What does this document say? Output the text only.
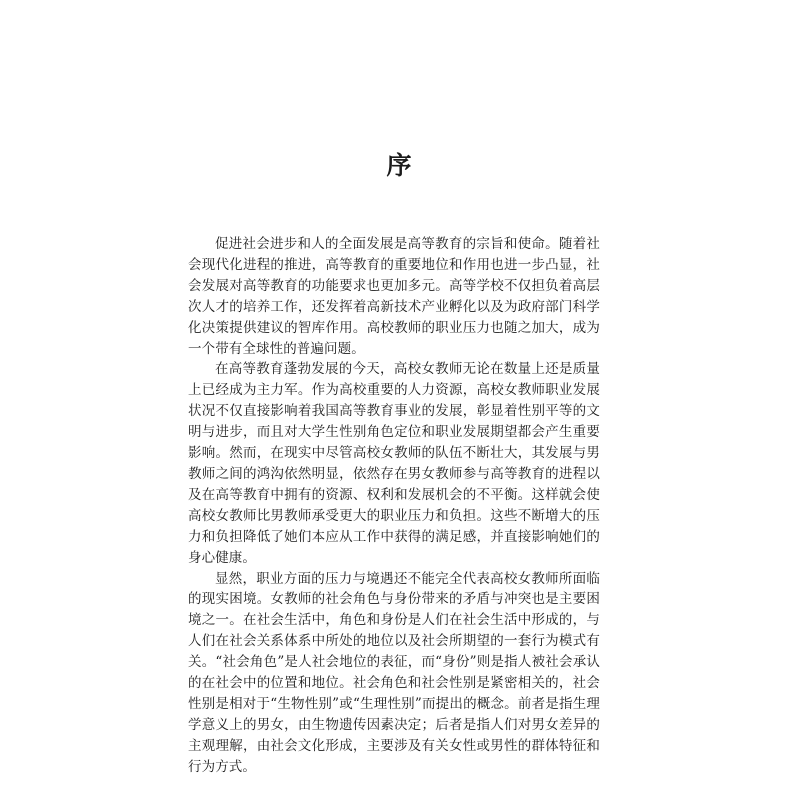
序

促进社会进步和人的全面发展是高等教育的宗旨和使命。随着社会现代化进程的推进，高等教育的重要地位和作用也进一步凸显，社会发展对高等教育的功能要求也更加多元。高等学校不仅担负着高层次人才的培养工作，还发挥着高新技术产业孵化以及为政府部门科学化决策提供建议的智库作用。高校教师的职业压力也随之加大，成为一个带有全球性的普遍问题。

在高等教育蓬勃发展的今天，高校女教师无论在数量上还是质量上已经成为主力军。作为高校重要的人力资源，高校女教师职业发展状况不仅直接影响着我国高等教育事业的发展，彰显着性别平等的文明与进步，而且对大学生性别角色定位和职业发展期望都会产生重要影响。然而，在现实中尽管高校女教师的队伍不断壮大，其发展与男教师之间的鸿沟依然明显，依然存在男女教师参与高等教育的进程以及在高等教育中拥有的资源、权利和发展机会的不平衡。这样就会使高校女教师比男教师承受更大的职业压力和负担。这些不断增大的压力和负担降低了她们本应从工作中获得的满足感，并直接影响她们的身心健康。

显然，职业方面的压力与境遇还不能完全代表高校女教师所面临的现实困境。女教师的社会角色与身份带来的矛盾与冲突也是主要困境之一。在社会生活中，角色和身份是人们在社会生活中形成的，与人们在社会关系体系中所处的地位以及社会所期望的一套行为模式有关。“社会角色”是人社会地位的表征，而“身份”则是指人被社会承认的在社会中的位置和地位。社会角色和社会性别是紧密相关的，社会性别是相对于“生物性别”或“生理性别”而提出的概念。前者是指生理学意义上的男女，由生物遗传因素决定；后者是指人们对男女差异的主观理解，由社会文化形成，主要涉及有关女性或男性的群体特征和行为方式。
